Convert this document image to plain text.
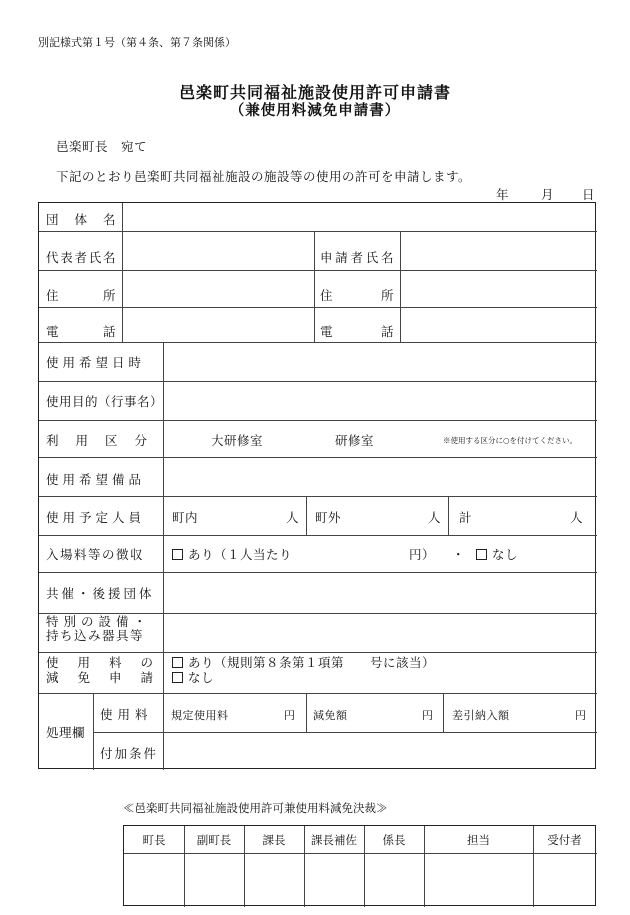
別記様式第１号（第４条、第７条関係）
邑楽町共同福祉施設使用許可申請書
（兼使用料減免申請書）
邑楽町長　宛て
下記のとおり邑楽町共同福祉施設の施設等の使用の許可を申請します。
年	月 日
団 体 名
代 表 者 氏 名	申 請 者 氏 名
住	所	住	所
電	話	電	話
使用希望日時
使用目的（行事名）
利用区分	大研修室	研修室	※使用する区分に○を付けてください。
使用希望備品
使用予定人員	町内	人 町外	人 計	人
入場料等の徴収	あり（１人当たり	円） ・	なし
共催・後援団体
特別の設備・
持ち込み器具等
使用料の
減免申請
あり（規則第８条第１項第　　号に該当）
なし
処理欄
使用料	規定使用料	円 減免額	円 差引納入額	円
付加条件
≪邑楽町共同福祉施設使用許可兼使用料減免決裁≫
町長	副町長	課長	課長補佐	係長	担当	受付者
